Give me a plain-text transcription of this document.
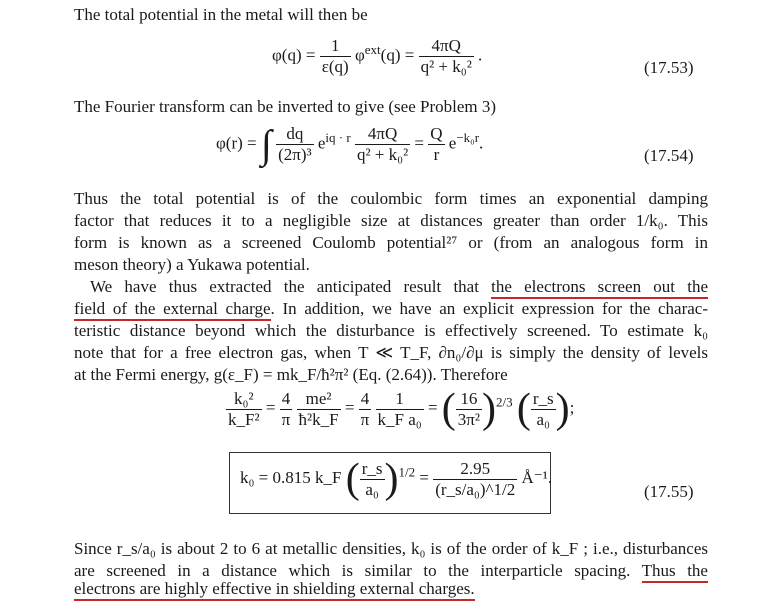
The total potential in the metal will then be
$\varphi(q) = \frac{1}{\varepsilon(q)} \varphi^{ext}(q) = \frac{4\pi Q}{\text{q² + k₀²}}$ .
(17.53)
The Fourier transform can be inverted to give (see Problem 3)
φ(r) = ∫ $\frac{dq}{\text{(2π)³}} e^{iq \cdot r} \frac{4\pi Q}{\text{q² + k₀²}} = \frac{Q}{r} e^{-k_0r}$.
(17.54)
Thus the total potential is of the coulombic form times an exponential damping
factor that reduces it to a negligible size at distances greater than order 1/k₀. This
form is known as a screened Coulomb potential²⁷ or (from an analogous form in
meson theory) a Yukawa potential.
We have thus extracted the anticipated result that the electrons screen out the
field of the external charge. In addition, we have an explicit expression for the charac-
teristic distance beyond which the disturbance is effectively screened. To estimate k₀
note that for a free electron gas, when T ≪ T_F, ∂n₀/∂μ is simply the density of levels
at the Fermi energy, g(ε_F) = mk_F/ħ²π² (Eq. (2.64)). Therefore
$\frac{\text{k₀²}}{\text{k\_F²}} = \frac{4}{\pi}$
$\frac{\text{me²}}{\text{ħ²k\_F}} = \frac{4}{\pi}$
$\frac{1}{\text{k\_F a₀}}$ = ( $\frac{16}{\text{3π²}} )^{2/3}$ ( $\frac{r\_s}{\text{a₀}}$ );
k₀ = 0.815 k_F ( $\frac{r\_s}{\text{a₀}} )^{1/2} = \frac{2.95}{\text{(r\_s/a₀)\textasciicircum{}1/2}}$ Å⁻¹.
(17.55)
Since r_s/a₀ is about 2 to 6 at metallic densities, k₀ is of the order of k_F ; i.e., disturbances
are screened in a distance which is similar to the interparticle spacing. Thus the
electrons are highly effective in shielding external charges.
